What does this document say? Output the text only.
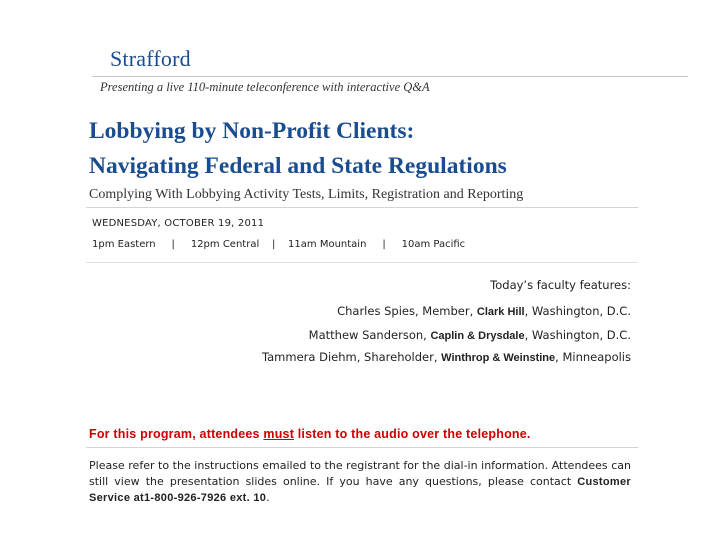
Strafford
Presenting a live 110-minute teleconference with interactive Q&A
Lobbying by Non-Profit Clients:
Navigating Federal and State Regulations
Complying With Lobbying Activity Tests, Limits, Registration and Reporting
WEDNESDAY, OCTOBER 19, 2011
1pm Eastern | 12pm Central | 11am Mountain | 10am Pacific
Today’s faculty features:
Charles Spies, Member, Clark Hill, Washington, D.C.
Matthew Sanderson, Caplin & Drysdale, Washington, D.C.
Tammera Diehm, Shareholder, Winthrop & Weinstine, Minneapolis
For this program, attendees must listen to the audio over the telephone.
Please refer to the instructions emailed to the registrant for the dial-in information. Attendees can still view the presentation slides online. If you have any questions, please contact Customer Service at1-800-926-7926 ext. 10.
